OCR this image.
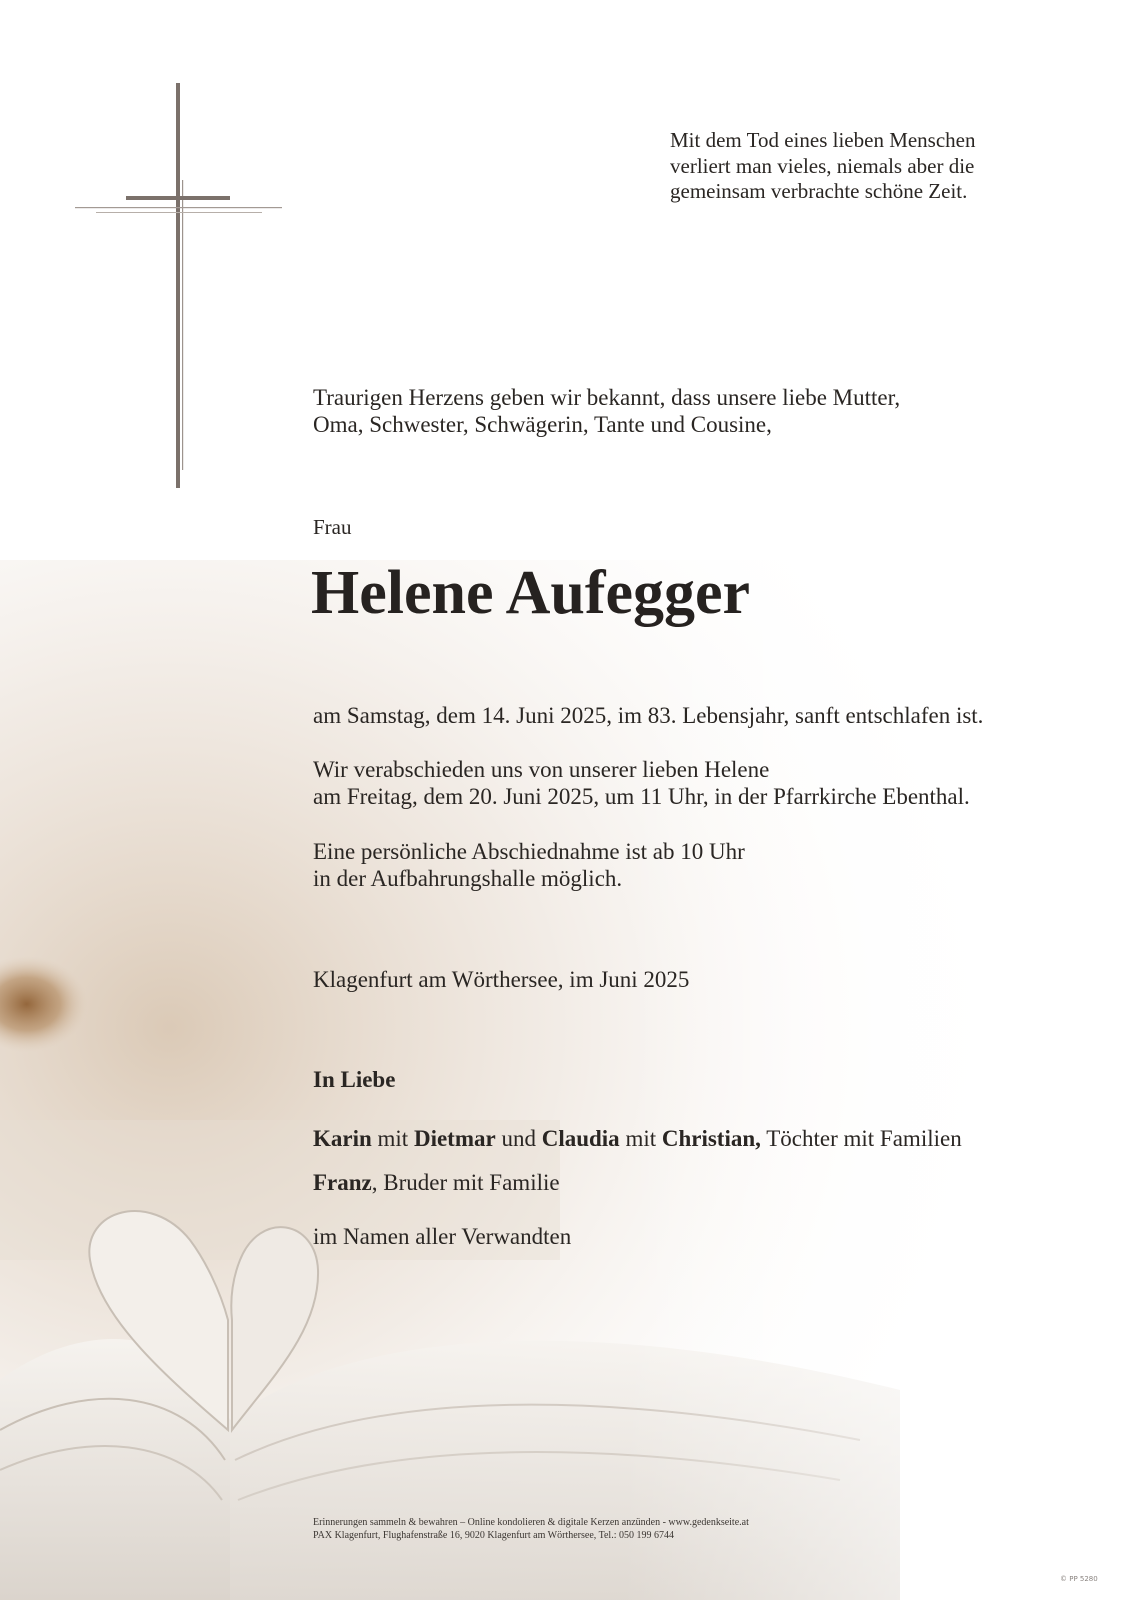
Mit dem Tod eines lieben Menschen
verliert man vieles, niemals aber die
gemeinsam verbrachte schöne Zeit.

Traurigen Herzens geben wir bekannt, dass unsere liebe Mutter,
Oma, Schwester, Schwägerin, Tante und Cousine,

Frau

Helene Aufegger

am Samstag, dem 14. Juni 2025, im 83. Lebensjahr, sanft entschlafen ist.

Wir verabschieden uns von unserer lieben Helene
am Freitag, dem 20. Juni 2025, um 11 Uhr, in der Pfarrkirche Ebenthal.

Eine persönliche Abschiednahme ist ab 10 Uhr
in der Aufbahrungshalle möglich.

Klagenfurt am Wörthersee, im Juni 2025

In Liebe

Karin mit Dietmar und Claudia mit Christian, Töchter mit Familien

Franz, Bruder mit Familie

im Namen aller Verwandten

Erinnerungen sammeln & bewahren – Online kondolieren & digitale Kerzen anzünden - www.gedenkseite.at
PAX Klagenfurt, Flughafenstraße 16, 9020 Klagenfurt am Wörthersee, Tel.: 050 199 6744
© PP 5280
